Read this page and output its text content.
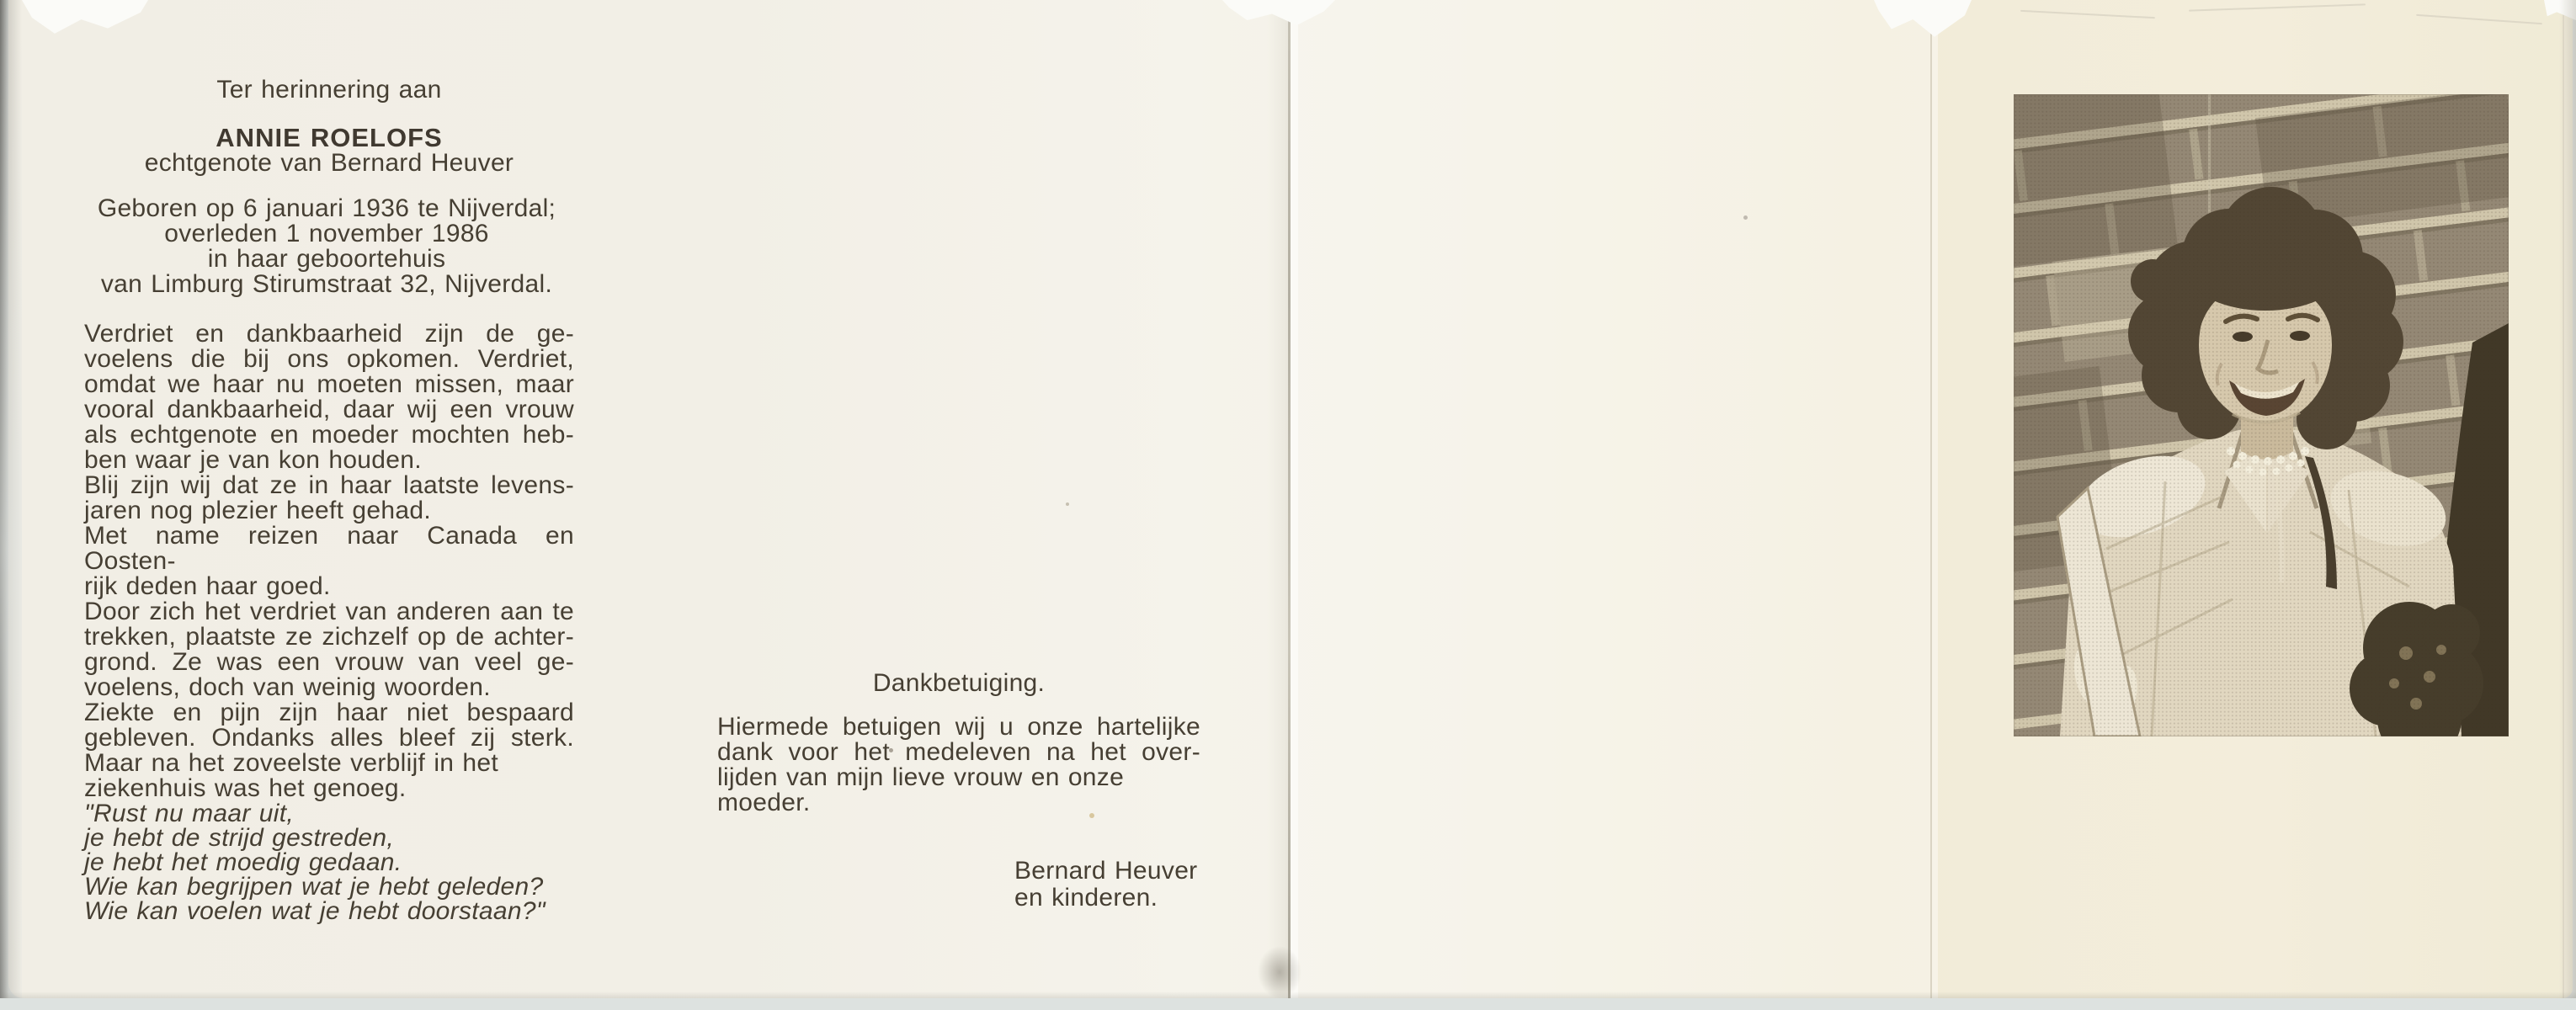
Ter herinnering aan
ANNIE ROELOFS
echtgenote van Bernard Heuver
Geboren op 6 januari 1936 te Nijverdal;
overleden 1 november 1986
in haar geboortehuis
van Limburg Stirumstraat 32, Nijverdal.
Verdriet en dankbaarheid zijn de ge-
voelens die bij ons opkomen. Verdriet,
omdat we haar nu moeten missen, maar
vooral dankbaarheid, daar wij een vrouw
als echtgenote en moeder mochten heb-
ben waar je van kon houden.
Blij zijn wij dat ze in haar laatste levens-
jaren nog plezier heeft gehad.
Met name reizen naar Canada en Oosten-
rijk deden haar goed.
Door zich het verdriet van anderen aan te
trekken, plaatste ze zichzelf op de achter-
grond. Ze was een vrouw van veel ge-
voelens, doch van weinig woorden.
Ziekte en pijn zijn haar niet bespaard
gebleven. Ondanks alles bleef zij sterk.
Maar na het zoveelste verblijf in het
ziekenhuis was het genoeg.
"Rust nu maar uit,
je hebt de strijd gestreden,
je hebt het moedig gedaan.
Wie kan begrijpen wat je hebt geleden?
Wie kan voelen wat je hebt doorstaan?"
Dankbetuiging.
Hiermede betuigen wij u onze hartelijke
dank voor het medeleven na het over-
lijden van mijn lieve vrouw en onze
moeder.
Bernard Heuver
en kinderen.
